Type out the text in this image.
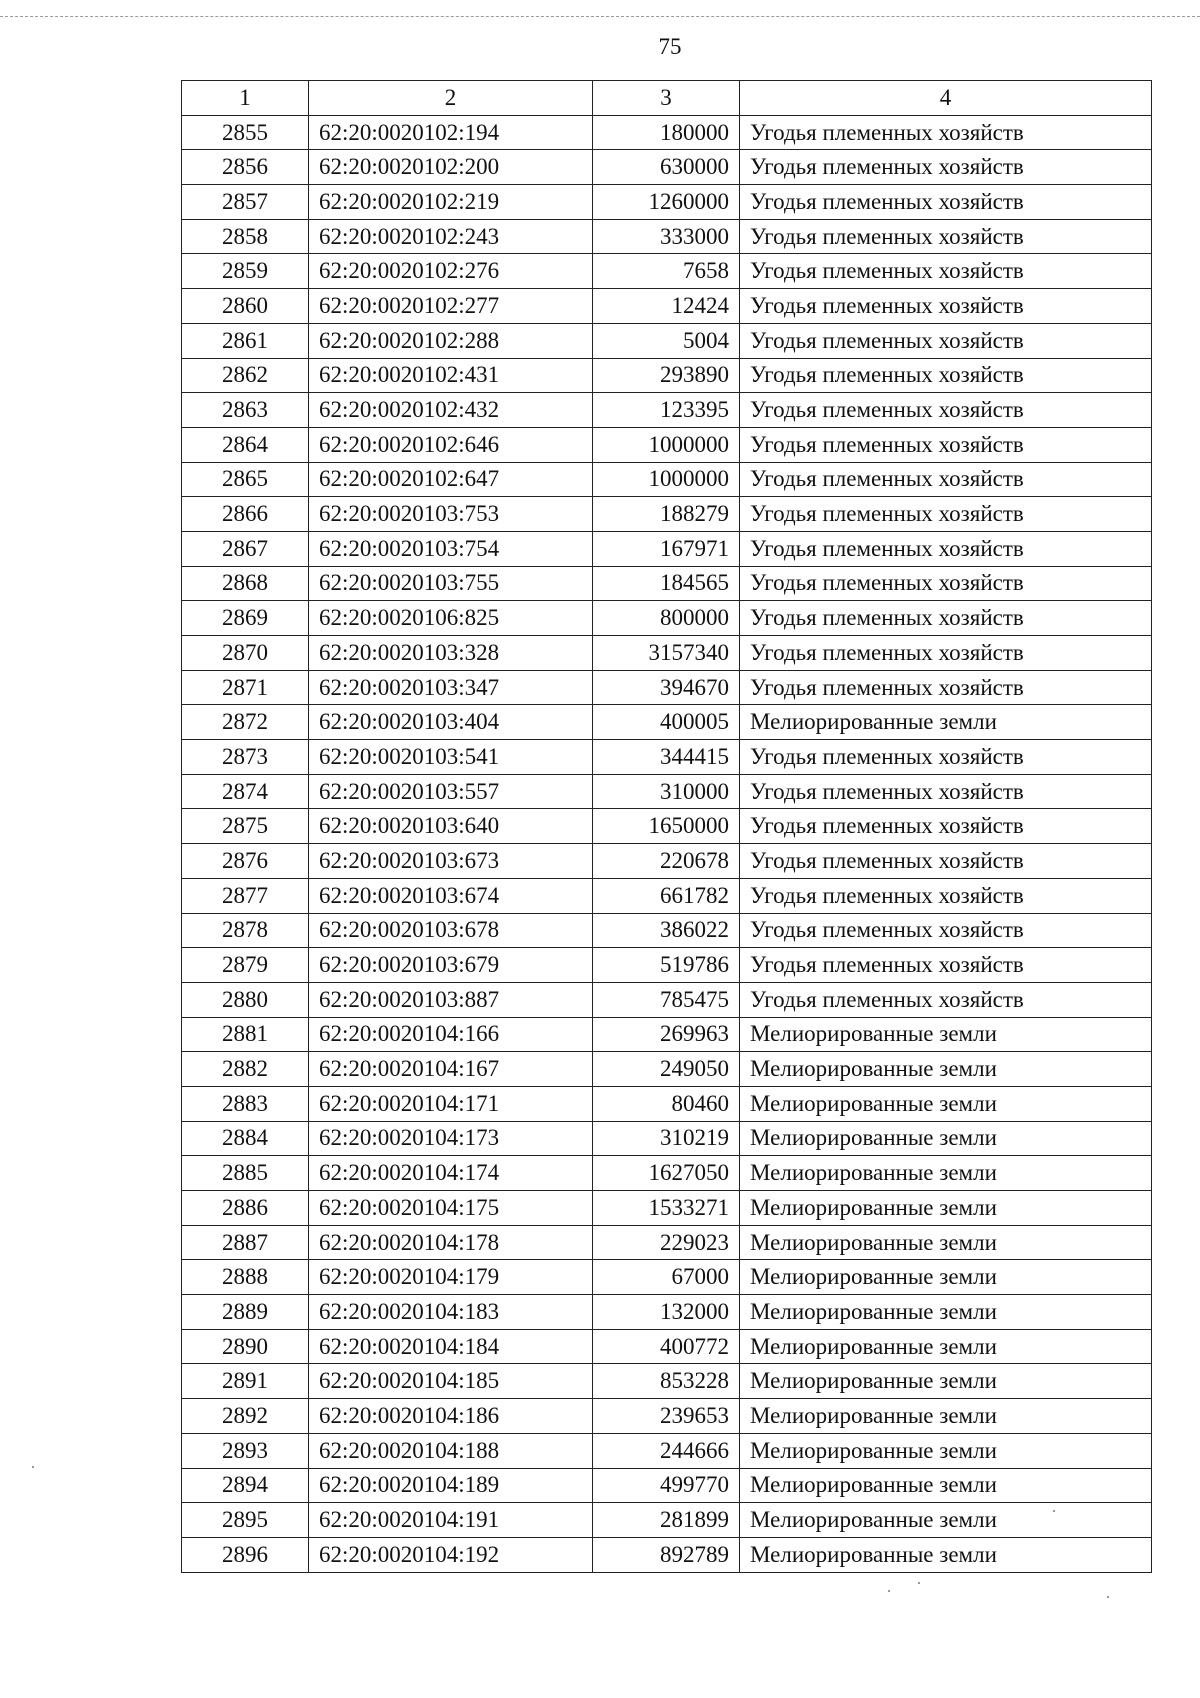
75
1	2	3	4
2855	62:20:0020102:194	180000	Угодья племенных хозяйств
2856	62:20:0020102:200	630000	Угодья племенных хозяйств
2857	62:20:0020102:219	1260000	Угодья племенных хозяйств
2858	62:20:0020102:243	333000	Угодья племенных хозяйств
2859	62:20:0020102:276	7658	Угодья племенных хозяйств
2860	62:20:0020102:277	12424	Угодья племенных хозяйств
2861	62:20:0020102:288	5004	Угодья племенных хозяйств
2862	62:20:0020102:431	293890	Угодья племенных хозяйств
2863	62:20:0020102:432	123395	Угодья племенных хозяйств
2864	62:20:0020102:646	1000000	Угодья племенных хозяйств
2865	62:20:0020102:647	1000000	Угодья племенных хозяйств
2866	62:20:0020103:753	188279	Угодья племенных хозяйств
2867	62:20:0020103:754	167971	Угодья племенных хозяйств
2868	62:20:0020103:755	184565	Угодья племенных хозяйств
2869	62:20:0020106:825	800000	Угодья племенных хозяйств
2870	62:20:0020103:328	3157340	Угодья племенных хозяйств
2871	62:20:0020103:347	394670	Угодья племенных хозяйств
2872	62:20:0020103:404	400005	Мелиорированные земли
2873	62:20:0020103:541	344415	Угодья племенных хозяйств
2874	62:20:0020103:557	310000	Угодья племенных хозяйств
2875	62:20:0020103:640	1650000	Угодья племенных хозяйств
2876	62:20:0020103:673	220678	Угодья племенных хозяйств
2877	62:20:0020103:674	661782	Угодья племенных хозяйств
2878	62:20:0020103:678	386022	Угодья племенных хозяйств
2879	62:20:0020103:679	519786	Угодья племенных хозяйств
2880	62:20:0020103:887	785475	Угодья племенных хозяйств
2881	62:20:0020104:166	269963	Мелиорированные земли
2882	62:20:0020104:167	249050	Мелиорированные земли
2883	62:20:0020104:171	80460	Мелиорированные земли
2884	62:20:0020104:173	310219	Мелиорированные земли
2885	62:20:0020104:174	1627050	Мелиорированные земли
2886	62:20:0020104:175	1533271	Мелиорированные земли
2887	62:20:0020104:178	229023	Мелиорированные земли
2888	62:20:0020104:179	67000	Мелиорированные земли
2889	62:20:0020104:183	132000	Мелиорированные земли
2890	62:20:0020104:184	400772	Мелиорированные земли
2891	62:20:0020104:185	853228	Мелиорированные земли
2892	62:20:0020104:186	239653	Мелиорированные земли
2893	62:20:0020104:188	244666	Мелиорированные земли
2894	62:20:0020104:189	499770	Мелиорированные земли
2895	62:20:0020104:191	281899	Мелиорированные земли
2896	62:20:0020104:192	892789	Мелиорированные земли
